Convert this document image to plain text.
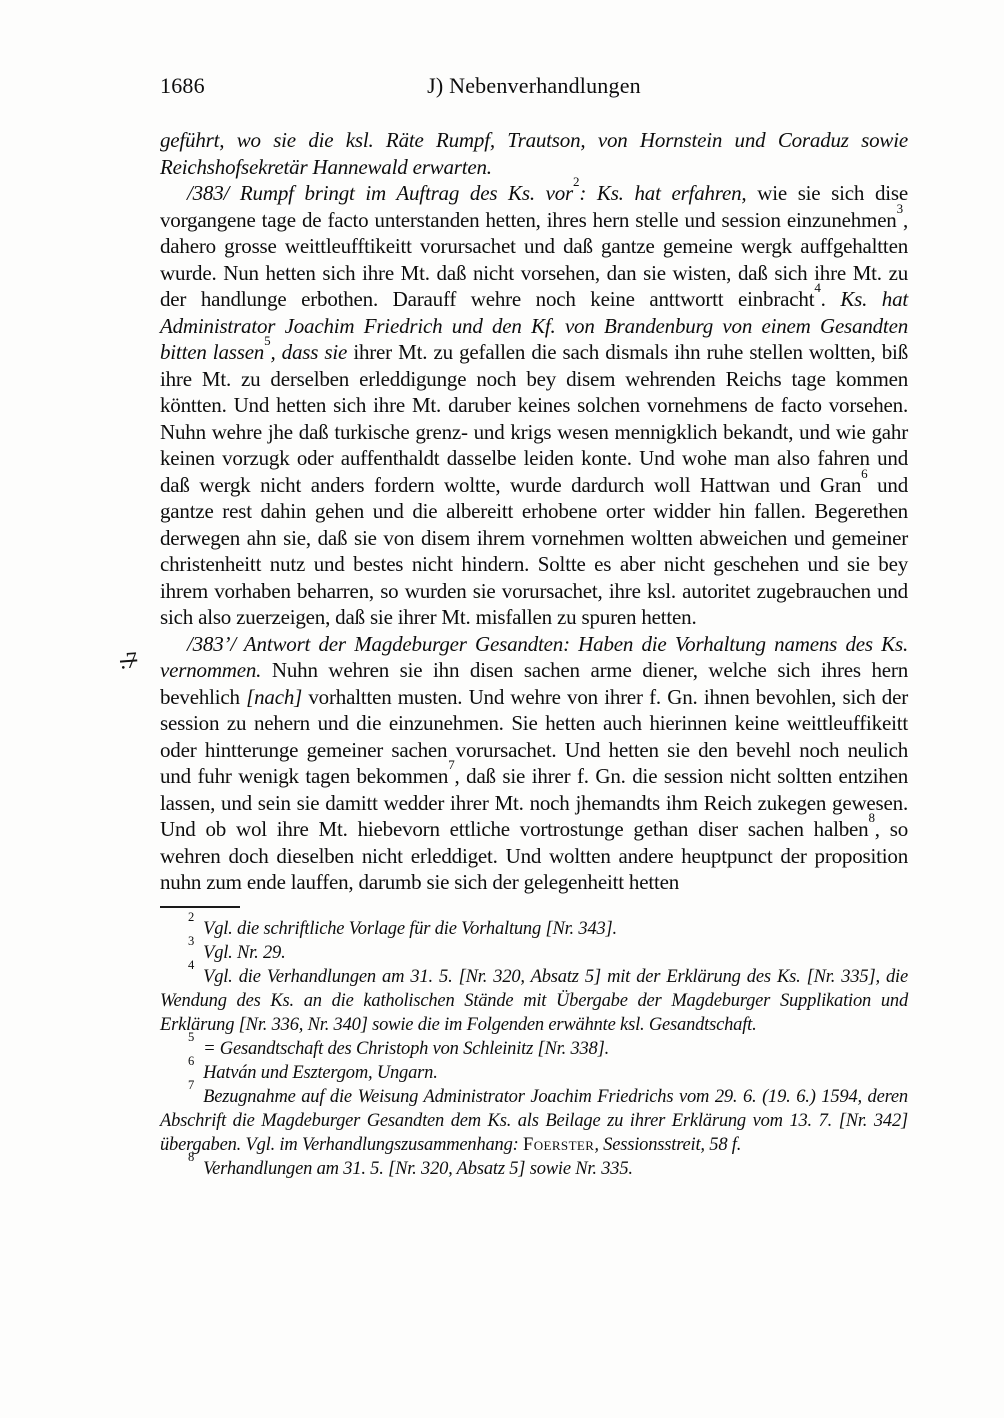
1686	J) Nebenverhandlungen
.7

geführt, wo sie die ksl. Räte Rumpf, Trautson, von Hornstein und Coraduz sowie Reichshofsekretär Hannewald erwarten.

/383/ Rumpf bringt im Auftrag des Ks. vor$^2$: Ks. hat erfahren, wie sie sich dise vorgangene tage de facto unterstanden hetten, ihres hern stelle und session einzunehmen$^3$, dahero grosse weittleufftikeitt vorursachet und daß gantze gemeine wergk auffgehaltten wurde. Nun hetten sich ihre Mt. daß nicht vorsehen, dan sie wisten, daß sich ihre Mt. zu der handlunge erbothen. Darauff wehre noch keine anttwortt einbracht$^4$. Ks. hat Administrator Joachim Friedrich und den Kf. von Brandenburg von einem Gesandten bitten lassen$^5$, dass sie ihrer Mt. zu gefallen die sach dismals ihn ruhe stellen woltten, biß ihre Mt. zu derselben erleddigunge noch bey disem wehrenden Reichs tage kommen köntten. Und hetten sich ihre Mt. daruber keines solchen vornehmens de facto vorsehen. Nuhn wehre jhe daß turkische grenz- und krigs wesen mennigklich bekandt, und wie gahr keinen vorzugk oder auffenthaldt dasselbe leiden konte. Und wohe man also fahren und daß wergk nicht anders fordern woltte, wurde dardurch woll Hattwan und Gran$^6$ und gantze rest dahin gehen und die albereitt erhobene orter widder hin fallen. Begerethen derwegen ahn sie, daß sie von disem ihrem vornehmen woltten abweichen und gemeiner christenheitt nutz und bestes nicht hindern. Soltte es aber nicht geschehen und sie bey ihrem vorhaben beharren, so wurden sie vorursachet, ihre ksl. autoritet zugebrauchen und sich also zuerzeigen, daß sie ihrer Mt. misfallen zu spuren hetten.

/383’/ Antwort der Magdeburger Gesandten: Haben die Vorhaltung namens des Ks. vernommen. Nuhn wehren sie ihn disen sachen arme diener, welche sich ihres hern bevehlich [nach] vorhaltten musten. Und wehre von ihrer f. Gn. ihnen bevohlen, sich der session zu nehern und die einzunehmen. Sie hetten auch hierinnen keine weittleuffikeitt oder hintterunge gemeiner sachen vorursachet. Und hetten sie den bevehl noch neulich und fuhr wenigk tagen bekommen$^7$, daß sie ihrer f. Gn. die session nicht soltten entzihen lassen, und sein sie damitt wedder ihrer Mt. noch jhemandts ihm Reich zukegen gewesen. Und ob wol ihre Mt. hiebevorn ettliche vortrostunge gethan diser sachen halben$^8$, so wehren doch dieselben nicht erleddiget. Und woltten andere heuptpunct der proposition nuhn zum ende lauffen, darumb sie sich der gelegenheitt hetten

$^2$Vgl. die schriftliche Vorlage für die Vorhaltung [Nr. 343].

$^3$Vgl. Nr. 29.

$^4$Vgl. die Verhandlungen am 31. 5. [Nr. 320, Absatz 5] mit der Erklärung des Ks. [Nr. 335], die Wendung des Ks. an die katholischen Stände mit Übergabe der Magdeburger Supplikation und Erklärung [Nr. 336, Nr. 340] sowie die im Folgenden erwähnte ksl. Gesandtschaft.

$^5$= Gesandtschaft des Christoph von Schleinitz [Nr. 338].

$^6$Hatván und Esztergom, Ungarn.

$^7$Bezugnahme auf die Weisung Administrator Joachim Friedrichs vom 29. 6. (19. 6.) 1594, deren Abschrift die Magdeburger Gesandten dem Ks. als Beilage zu ihrer Erklärung vom 13. 7. [Nr. 342] übergaben. Vgl. im Verhandlungszusammenhang: Foerster, Sessionsstreit, 58 f.

$^8$Verhandlungen am 31. 5. [Nr. 320, Absatz 5] sowie Nr. 335.
